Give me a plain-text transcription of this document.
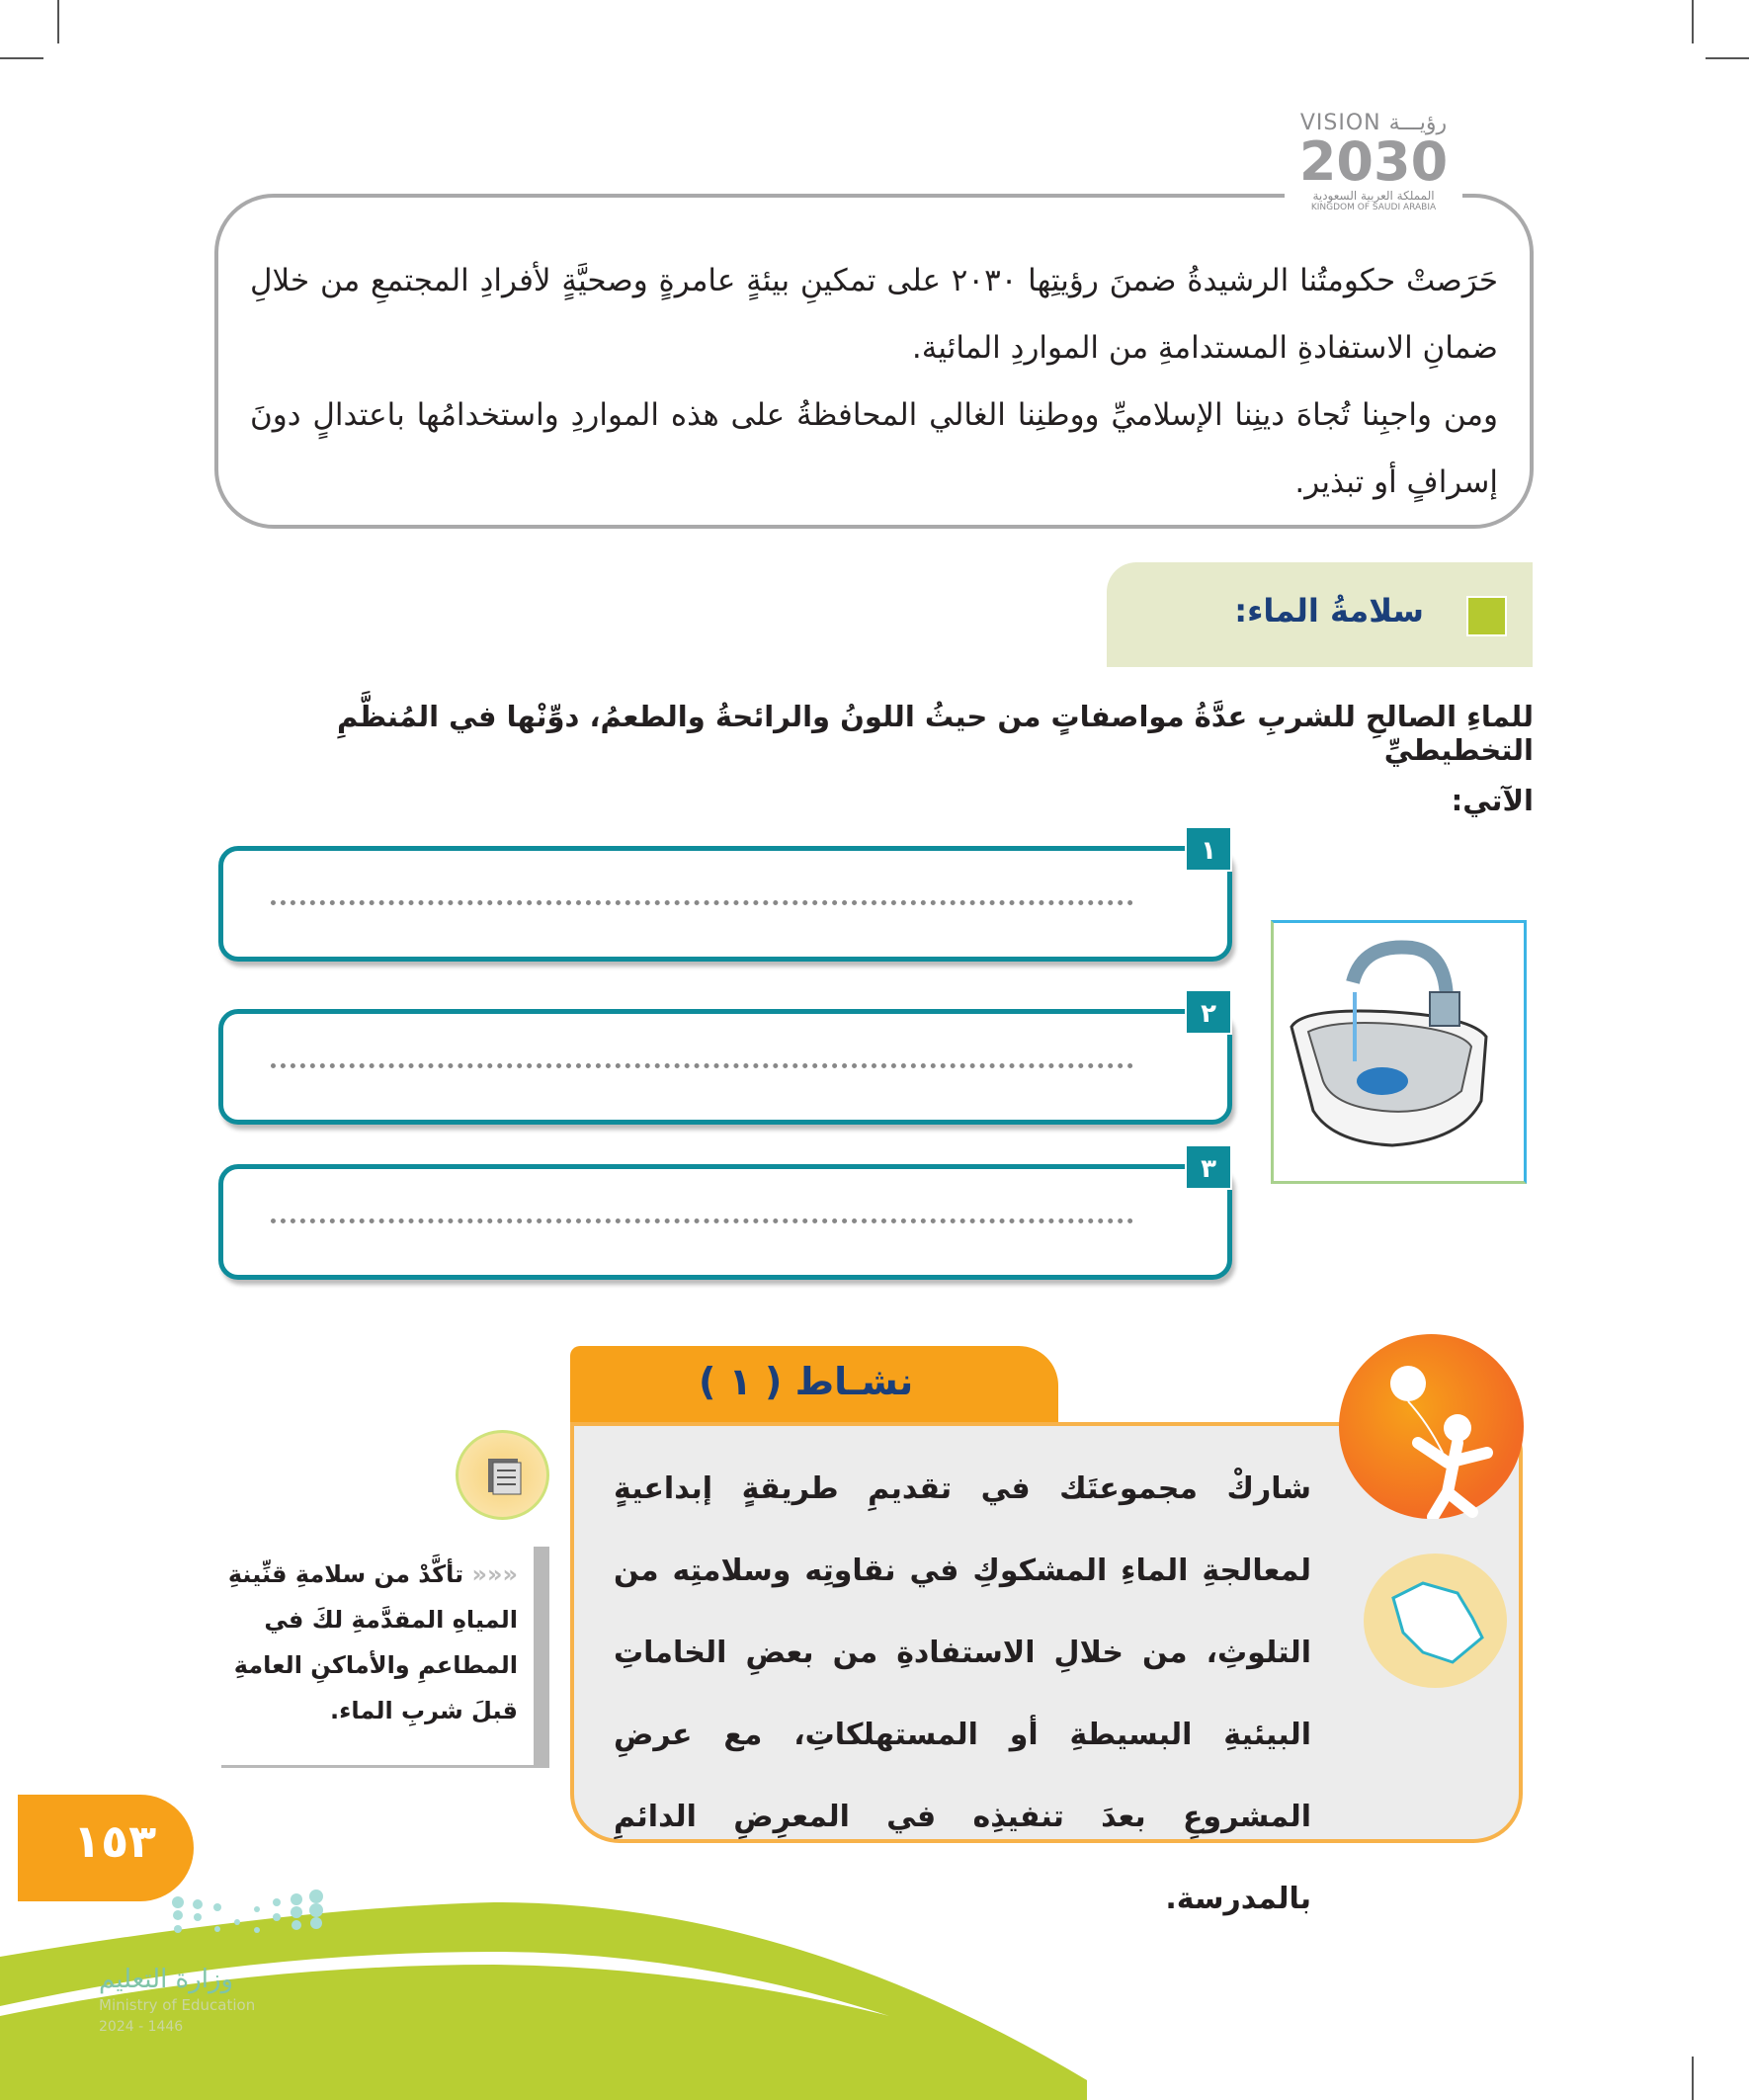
حَرَصتْ حكومتُنا الرشيدةُ ضمنَ رؤيتِها ٢٠٣٠ على تمكينِ بيئةٍ عامرةٍ وصحيَّةٍ لأفرادِ المجتمعِ من خلالِ ضمانِ الاستفادةِ المستدامةِ من المواردِ المائية.

ومن واجبِنا تُجاهَ دينِنا الإسلاميِّ ووطنِنا الغالي المحافظةُ على هذه المواردِ واستخدامُها باعتدالٍ دونَ إسرافٍ أو تبذير.

VISION رؤيـــة
2030
المملكة العربية السعودية
KINGDOM OF SAUDI ARABIA
سلامةُ الماء:
للماءِ الصالحِ للشربِ عدَّةُ مواصفاتٍ من حيثُ اللونُ والرائحةُ والطعمُ، دوِّنْها في المُنظَّمِ التخطيطيِّ
الآتي:
١
٢
٣
نشـاط ( ١ )

شاركْ مجموعتَك في تقديمِ طريقةٍ إبداعيةٍ لمعالجةِ الماءِ المشكوكِ في نقاوتِه وسلامتِه من التلوثِ، من خلالِ الاستفادةِ من بعضِ الخاماتِ البيئيةِ البسيطةِ أو المستهلكاتِ، مع عرضِ المشروعِ بعدَ تنفيذِه في المعرِضِ الدائمِ بالمدرسة.

««« تأكَّدْ من سلامةِ قنِّينةِ المياهِ المقدَّمةِ لكَ في المطاعمِ والأماكنِ العامةِ قبلَ شربِ الماء.
وزارة التعليم
Ministry of Education
2024 - 1446
١٥٣
